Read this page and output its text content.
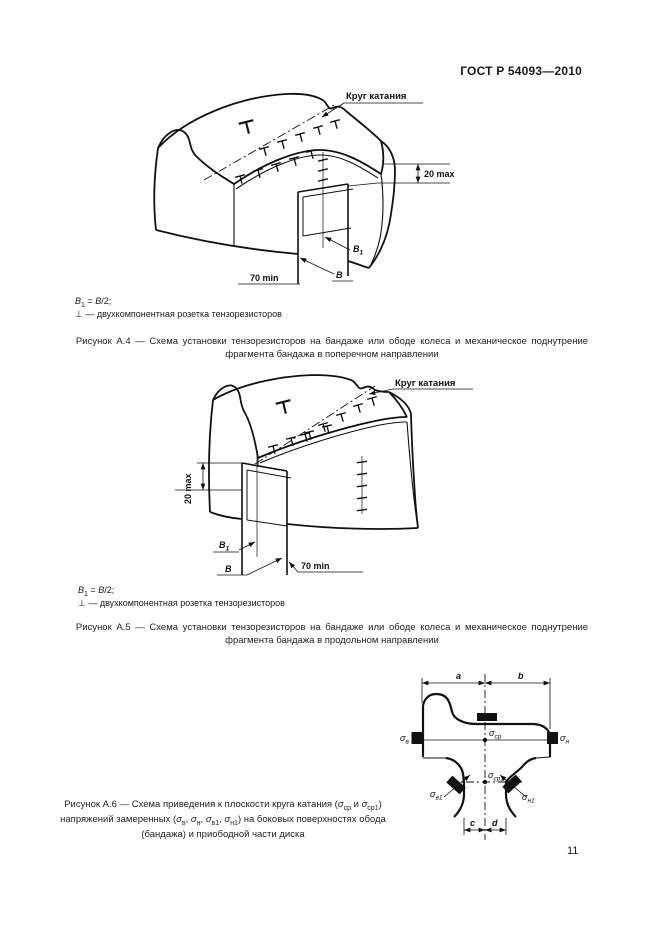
ГОСТ Р 54093—2010
Круг катания
20 max
$B_1$
B
70 min
$B_1 = B/2$;
⊥ — двухкомпонентная розетка тензорезисторов
Рисунок А.4 — Схема установки тензорезисторов на бандаже или ободе колеса и механическое поднутрение
фрагмента бандажа в поперечном направлении
Круг катания
20 max
$B_1$
B	70 min
$B_1 = B/2$;
⊥ — двухкомпонентная розетка тензорезисторов
Рисунок А.5 — Схема установки тензорезисторов на бандаже или ободе колеса и механическое поднутрение
фрагмента бандажа в продольном направлении
a	b
c d
$\sigma_в$	$\sigma_н$
$\sigma_{ср}$
$\sigma_{ср1}$
$\sigma_{в1}$	$\sigma_{н1}$
Рисунок А.6 — Схема приведения к плоскости круга катания ($\sigma_{ср}$ и $\sigma_{ср1}$)
напряжений замеренных ($\sigma_в$, $\sigma_н$, $\sigma_{в1}$, $\sigma_{н1}$) на боковых поверхностях обода
(бандажа) и приободной части диска
11
